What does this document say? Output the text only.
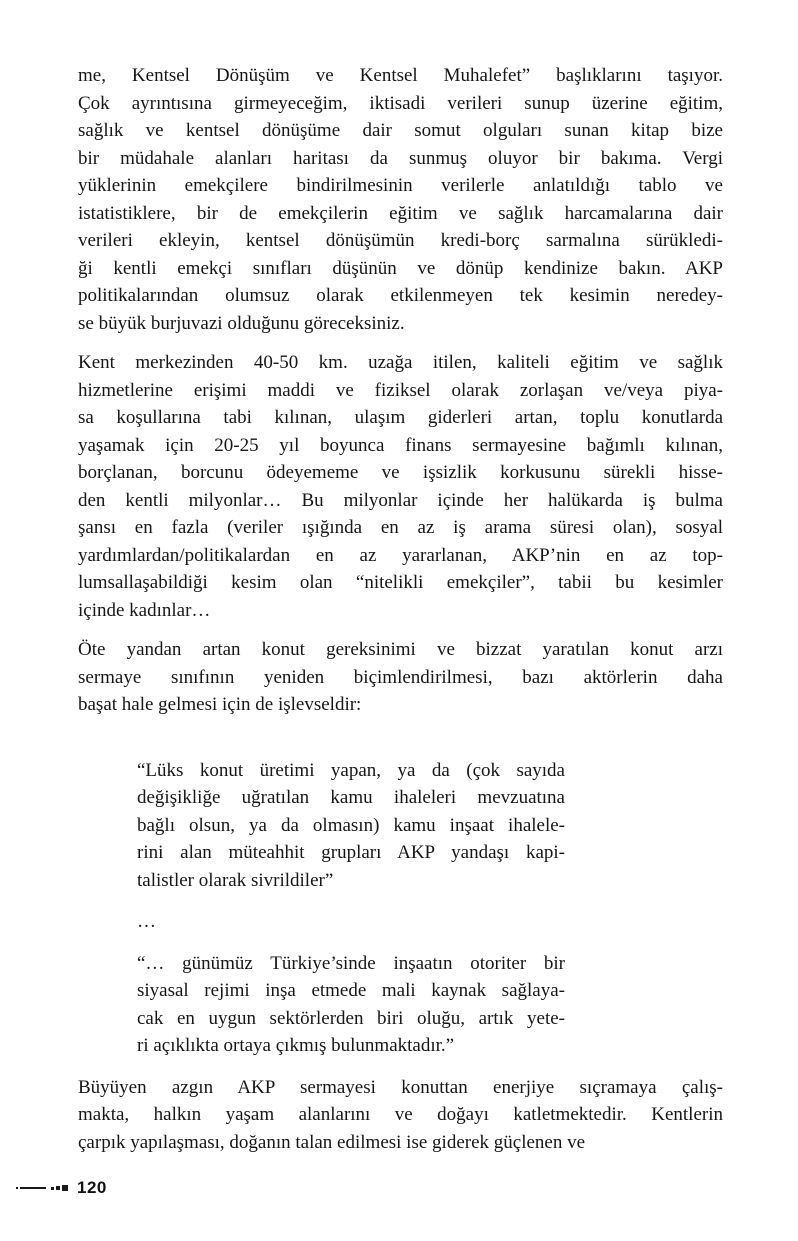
me, Kentsel Dönüşüm ve Kentsel Muhalefet” başlıklarını taşıyor.
Çok ayrıntısına girmeyeceğim, iktisadi verileri sunup üzerine eğitim,
sağlık ve kentsel dönüşüme dair somut olguları sunan kitap bize
bir müdahale alanları haritası da sunmuş oluyor bir bakıma. Vergi
yüklerinin emekçilere bindirilmesinin verilerle anlatıldığı tablo ve
istatistiklere, bir de emekçilerin eğitim ve sağlık harcamalarına dair
verileri ekleyin, kentsel dönüşümün kredi-borç sarmalına sürükledi-
ği kentli emekçi sınıfları düşünün ve dönüp kendinize bakın. AKP
politikalarından olumsuz olarak etkilenmeyen tek kesimin neredey-
se büyük burjuvazi olduğunu göreceksiniz.

Kent merkezinden 40-50 km. uzağa itilen, kaliteli eğitim ve sağlık
hizmetlerine erişimi maddi ve fiziksel olarak zorlaşan ve/veya piya-
sa koşullarına tabi kılınan, ulaşım giderleri artan, toplu konutlarda
yaşamak için 20-25 yıl boyunca finans sermayesine bağımlı kılınan,
borçlanan, borcunu ödeyememe ve işsizlik korkusunu sürekli hisse-
den kentli milyonlar… Bu milyonlar içinde her halükarda iş bulma
şansı en fazla (veriler ışığında en az iş arama süresi olan), sosyal
yardımlardan/politikalardan en az yararlanan, AKP’nin en az top-
lumsallaşabildiği kesim olan “nitelikli emekçiler”, tabii bu kesimler
içinde kadınlar…

Öte yandan artan konut gereksinimi ve bizzat yaratılan konut arzı
sermaye sınıfının yeniden biçimlendirilmesi, bazı aktörlerin daha
başat hale gelmesi için de işlevseldir:

“Lüks konut üretimi yapan, ya da (çok sayıda
değişikliğe uğratılan kamu ihaleleri mevzuatına
bağlı olsun, ya da olmasın) kamu inşaat ihalele-
rini alan müteahhit grupları AKP yandaşı kapi-
talistler olarak sivrildiler”

…

“… günümüz Türkiye’sinde inşaatın otoriter bir
siyasal rejimi inşa etmede mali kaynak sağlaya-
cak en uygun sektörlerden biri oluğu, artık yete-
ri açıklıkta ortaya çıkmış bulunmaktadır.”

Büyüyen azgın AKP sermayesi konuttan enerjiye sıçramaya çalış-
makta, halkın yaşam alanlarını ve doğayı katletmektedir. Kentlerin
çarpık yapılaşması, doğanın talan edilmesi ise giderek güçlenen ve

120
